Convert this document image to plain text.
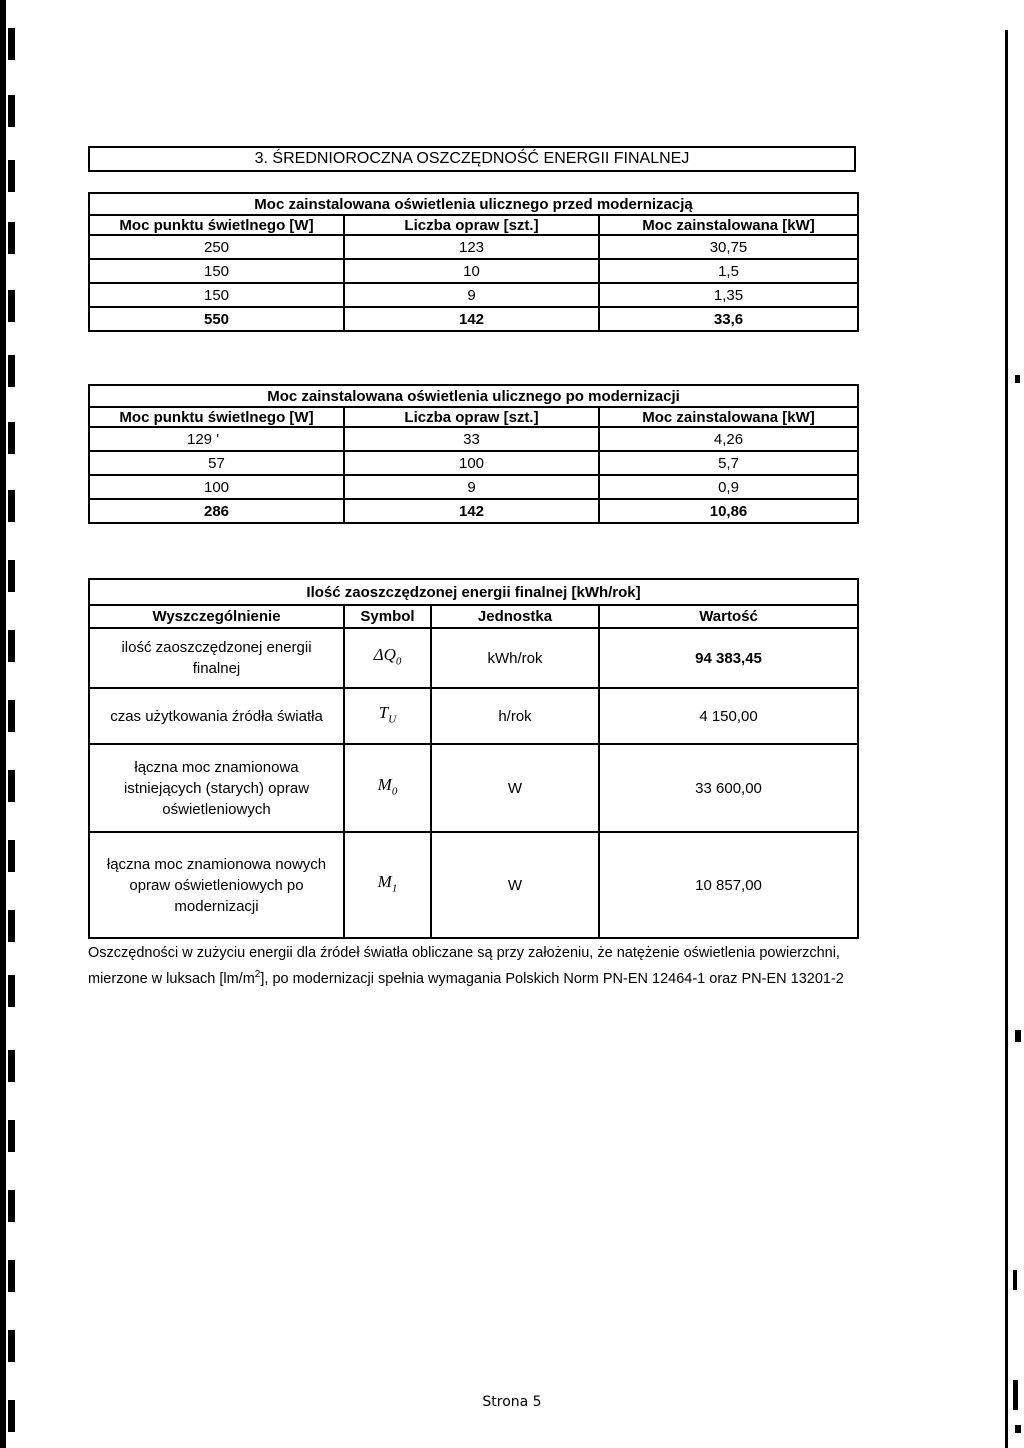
3. ŚREDNIOROCZNA OSZCZĘDNOŚĆ ENERGII FINALNEJ
Moc zainstalowana oświetlenia ulicznego przed modernizacją		
Moc punktu świetlnego [W]	Liczba opraw [szt.]	Moc zainstalowana [kW]
250	123	30,75
150	10	1,5
150	9	1,35
550	142	33,6
Moc zainstalowana oświetlenia ulicznego po modernizacji		
Moc punktu świetlnego [W]	Liczba opraw [szt.]	Moc zainstalowana [kW]
129 '	33	4,26
57	100	5,7
100	9	0,9
286	142	10,86
Ilość zaoszczędzonej energii finalnej [kWh/rok]			
Wyszczególnienie	Symbol	Jednostka	Wartość
ilość zaoszczędzonej energii finalnej	$\Delta Q_0$	kWh/rok	94 383,45
czas użytkowania źródła światła	$T_U$	h/rok	4 150,00
łączna moc znamionowa istniejących (starych) opraw oświetleniowych	$M_0$	W	33 600,00
łączna moc znamionowa nowych opraw oświetleniowych po modernizacji	$M_1$	W	10 857,00
Oszczędności w zużyciu energii dla źródeł światła obliczane są przy założeniu, że natężenie oświetlenia powierzchni, mierzone w luksach $[lm/m^2]$, po modernizacji spełnia wymagania Polskich Norm PN-EN 12464-1 oraz PN-EN 13201-2
Strona 5
